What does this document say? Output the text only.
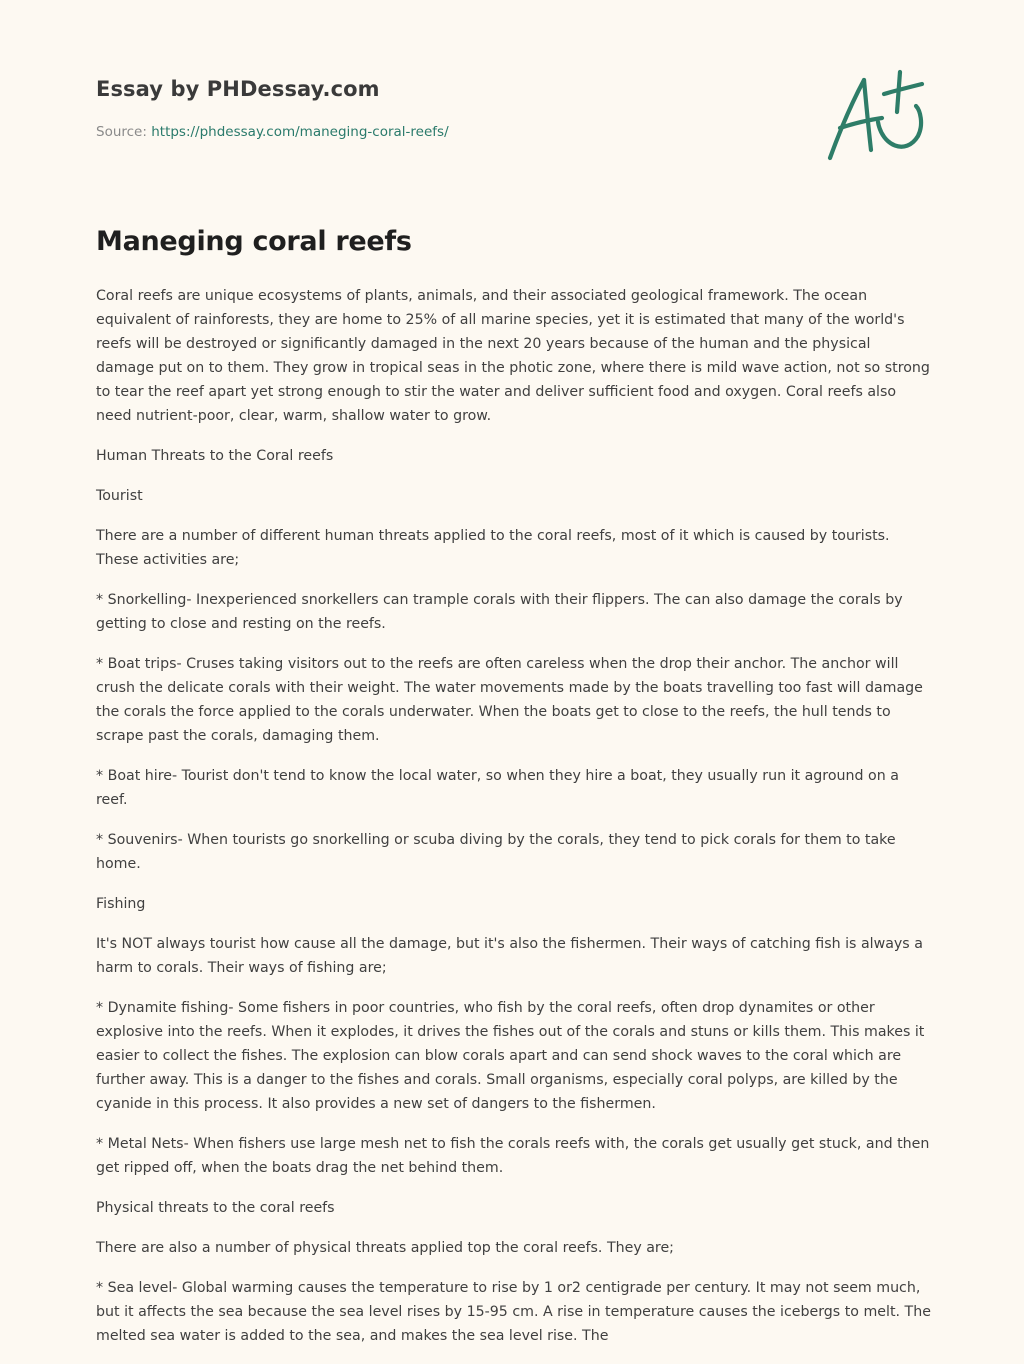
Essay by PHDessay.com
Source: https://phdessay.com/maneging-coral-reefs/
Maneging coral reefs

Coral reefs are unique ecosystems of plants, animals, and their associated geological framework. The ocean equivalent of rainforests, they are home to 25% of all marine species, yet it is estimated that many of the world's reefs will be destroyed or significantly damaged in the next 20 years because of the human and the physical damage put on to them. They grow in tropical seas in the photic zone, where there is mild wave action, not so strong to tear the reef apart yet strong enough to stir the water and deliver sufficient food and oxygen. Coral reefs also need nutrient-poor, clear, warm, shallow water to grow.

Human Threats to the Coral reefs

Tourist

There are a number of different human threats applied to the coral reefs, most of it which is caused by tourists. These activities are;

* Snorkelling- Inexperienced snorkellers can trample corals with their flippers. The can also damage the corals by getting to close and resting on the reefs.

* Boat trips- Cruses taking visitors out to the reefs are often careless when the drop their anchor. The anchor will crush the delicate corals with their weight. The water movements made by the boats travelling too fast will damage the corals the force applied to the corals underwater. When the boats get to close to the reefs, the hull tends to scrape past the corals, damaging them.

* Boat hire- Tourist don't tend to know the local water, so when they hire a boat, they usually run it aground on a reef.

* Souvenirs- When tourists go snorkelling or scuba diving by the corals, they tend to pick corals for them to take home.

Fishing

It's NOT always tourist how cause all the damage, but it's also the fishermen. Their ways of catching fish is always a harm to corals. Their ways of fishing are;

* Dynamite fishing- Some fishers in poor countries, who fish by the coral reefs, often drop dynamites or other explosive into the reefs. When it explodes, it drives the fishes out of the corals and stuns or kills them. This makes it easier to collect the fishes. The explosion can blow corals apart and can send shock waves to the coral which are further away. This is a danger to the fishes and corals. Small organisms, especially coral polyps, are killed by the cyanide in this process. It also provides a new set of dangers to the fishermen.

* Metal Nets- When fishers use large mesh net to fish the corals reefs with, the corals get usually get stuck, and then get ripped off, when the boats drag the net behind them.

Physical threats to the coral reefs

There are also a number of physical threats applied top the coral reefs. They are;

* Sea level- Global warming causes the temperature to rise by 1 or2 centigrade per century. It may not seem much, but it affects the sea because the sea level rises by 15-95 cm. A rise in temperature causes the icebergs to melt. The melted sea water is added to the sea, and makes the sea level rise. The
